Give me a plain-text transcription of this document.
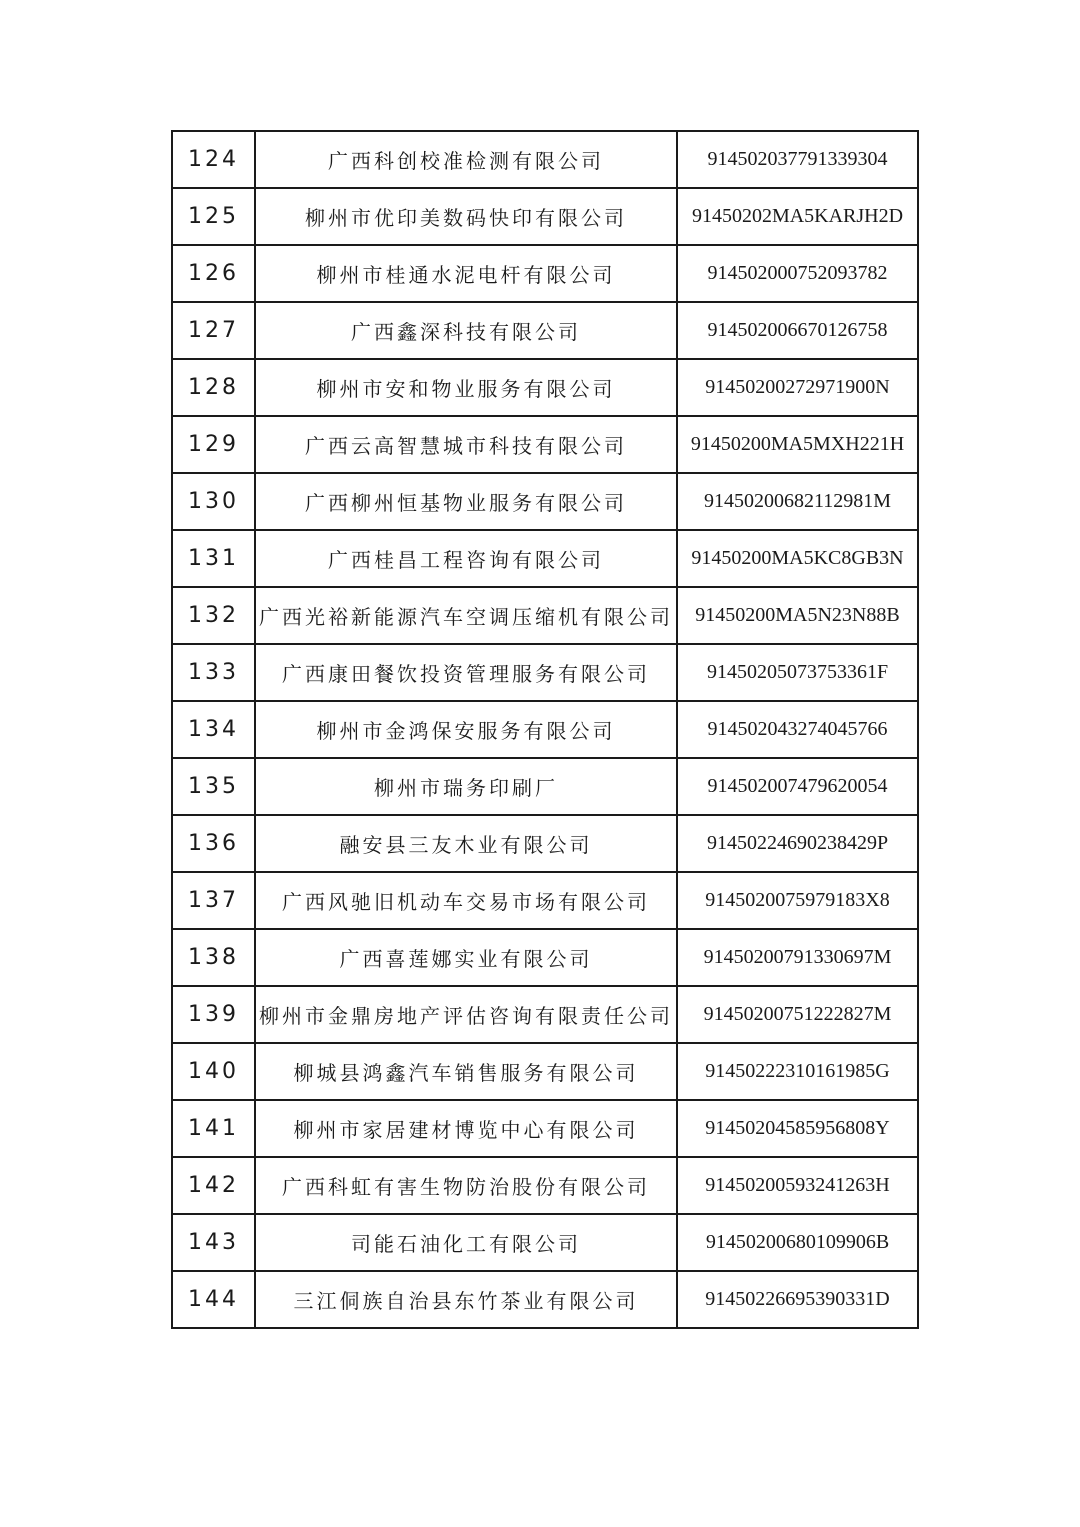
124	广西科创校准检测有限公司	914502037791339304
125	柳州市优印美数码快印有限公司	91450202MA5KARJH2D
126	柳州市桂通水泥电杆有限公司	914502000752093782
127	广西鑫深科技有限公司	914502006670126758
128	柳州市安和物业服务有限公司	91450200272971900N
129	广西云高智慧城市科技有限公司	91450200MA5MXH221H
130	广西柳州恒基物业服务有限公司	91450200682112981M
131	广西桂昌工程咨询有限公司	91450200MA5KC8GB3N
132	广西光裕新能源汽车空调压缩机有限公司	91450200MA5N23N88B
133	广西康田餐饮投资管理服务有限公司	91450205073753361F
134	柳州市金鸿保安服务有限公司	914502043274045766
135	柳州市瑞务印刷厂	914502007479620054
136	融安县三友木业有限公司	91450224690238429P
137	广西风驰旧机动车交易市场有限公司	9145020075979183X8
138	广西喜莲娜实业有限公司	91450200791330697M
139	柳州市金鼎房地产评估咨询有限责任公司	91450200751222827M
140	柳城县鸿鑫汽车销售服务有限公司	91450222310161985G
141	柳州市家居建材博览中心有限公司	91450204585956808Y
142	广西科虹有害生物防治股份有限公司	91450200593241263H
143	司能石油化工有限公司	91450200680109906B
144	三江侗族自治县东竹茶业有限公司	91450226695390331D
